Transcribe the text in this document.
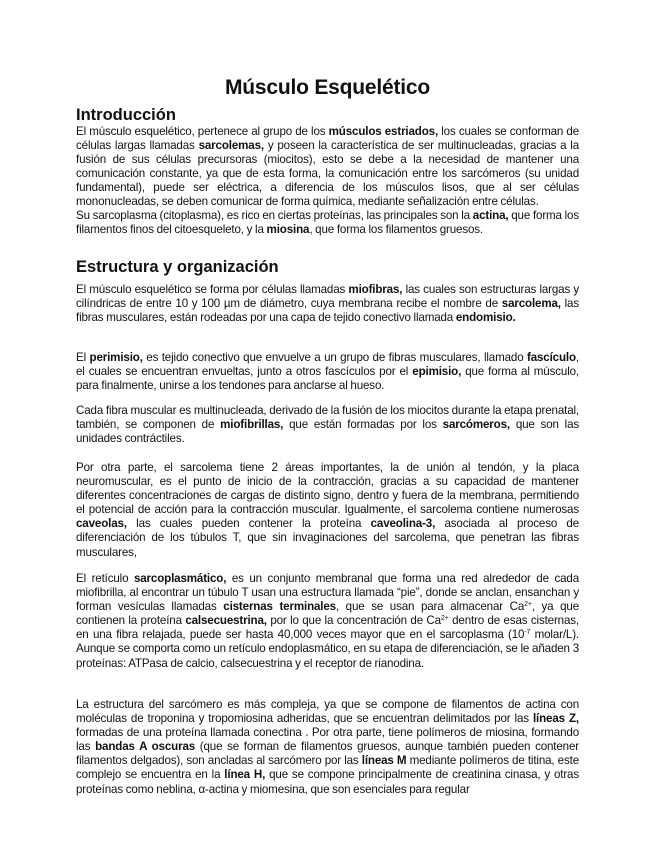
Músculo Esquelético
Introducción

El músculo esquelético, pertenece al grupo de los músculos estriados, los cuales se conforman de células largas llamadas sarcolemas, y poseen la característica de ser multinucleadas, gracias a la fusión de sus células precursoras (miocitos), esto se debe a la necesidad de mantener una comunicación constante, ya que de esta forma, la comunicación entre los sarcómeros (su unidad fundamental), puede ser eléctrica, a diferencia de los músculos lisos, que al ser células mononucleadas, se deben comunicar de forma química, mediante señalización entre células.

Su sarcoplasma (citoplasma), es rico en ciertas proteínas, las principales son la actina, que forma los filamentos finos del citoesqueleto, y la miosina, que forma los filamentos gruesos.

Estructura y organización

El músculo esquelético se forma por células llamadas miofibras, las cuales son estructuras largas y cilíndricas de entre 10 y 100 µm de diámetro, cuya membrana recibe el nombre de sarcolema, las fibras musculares, están rodeadas por una capa de tejido conectivo llamada endomisio.

El perimisio, es tejido conectivo que envuelve a un grupo de fibras musculares, llamado fascículo, el cuales se encuentran envueltas, junto a otros fascículos por el epimisio, que forma al músculo, para finalmente, unirse a los tendones para anclarse al hueso.

Cada fibra muscular es multinucleada, derivado de la fusión de los miocitos durante la etapa prenatal, también, se componen de miofibrillas, que están formadas por los sarcómeros, que son las unidades contráctiles.

Por otra parte, el sarcolema tiene 2 áreas importantes, la de unión al tendón, y la placa neuromuscular, es el punto de inicio de la contracción, gracias a su capacidad de mantener diferentes concentraciones de cargas de distinto signo, dentro y fuera de la membrana, permitiendo el potencial de acción para la contracción muscular. Igualmente, el sarcolema contiene numerosas caveolas, las cuales pueden contener la proteína caveolina-3, asociada al proceso de diferenciación de los túbulos T, que sin invaginaciones del sarcolema, que penetran las fibras musculares,

El retículo sarcoplasmático, es un conjunto membranal que forma una red alrededor de cada miofibrilla, al encontrar un túbulo T usan una estructura llamada “pie”, donde se anclan, ensanchan y forman vesículas llamadas cisternas terminales, que se usan para almacenar $Ca^{2+}$, ya que contienen la proteína calsecuestrina, por lo que la concentración de $Ca^{2+}$ dentro de esas cisternas, en una fibra relajada, puede ser hasta 40,000 veces mayor que en el sarcoplasma ($10^{-7}$ molar/L). Aunque se comporta como un retículo endoplasmático, en su etapa de diferenciación, se le añaden 3 proteínas: ATPasa de calcio, calsecuestrina y el receptor de rianodina.

La estructura del sarcómero es más compleja, ya que se compone de filamentos de actina con moléculas de troponina y tropomiosina adheridas, que se encuentran delimitados por las líneas Z, formadas de una proteína llamada conectina . Por otra parte, tiene polímeros de miosina, formando las bandas A oscuras (que se forman de filamentos gruesos, aunque también pueden contener filamentos delgados), son ancladas al sarcómero por las líneas M mediante polímeros de titina, este complejo se encuentra en la línea H, que se compone principalmente de creatinina cinasa, y otras proteínas como neblina, α-actina y miomesina, que son esenciales para regular
